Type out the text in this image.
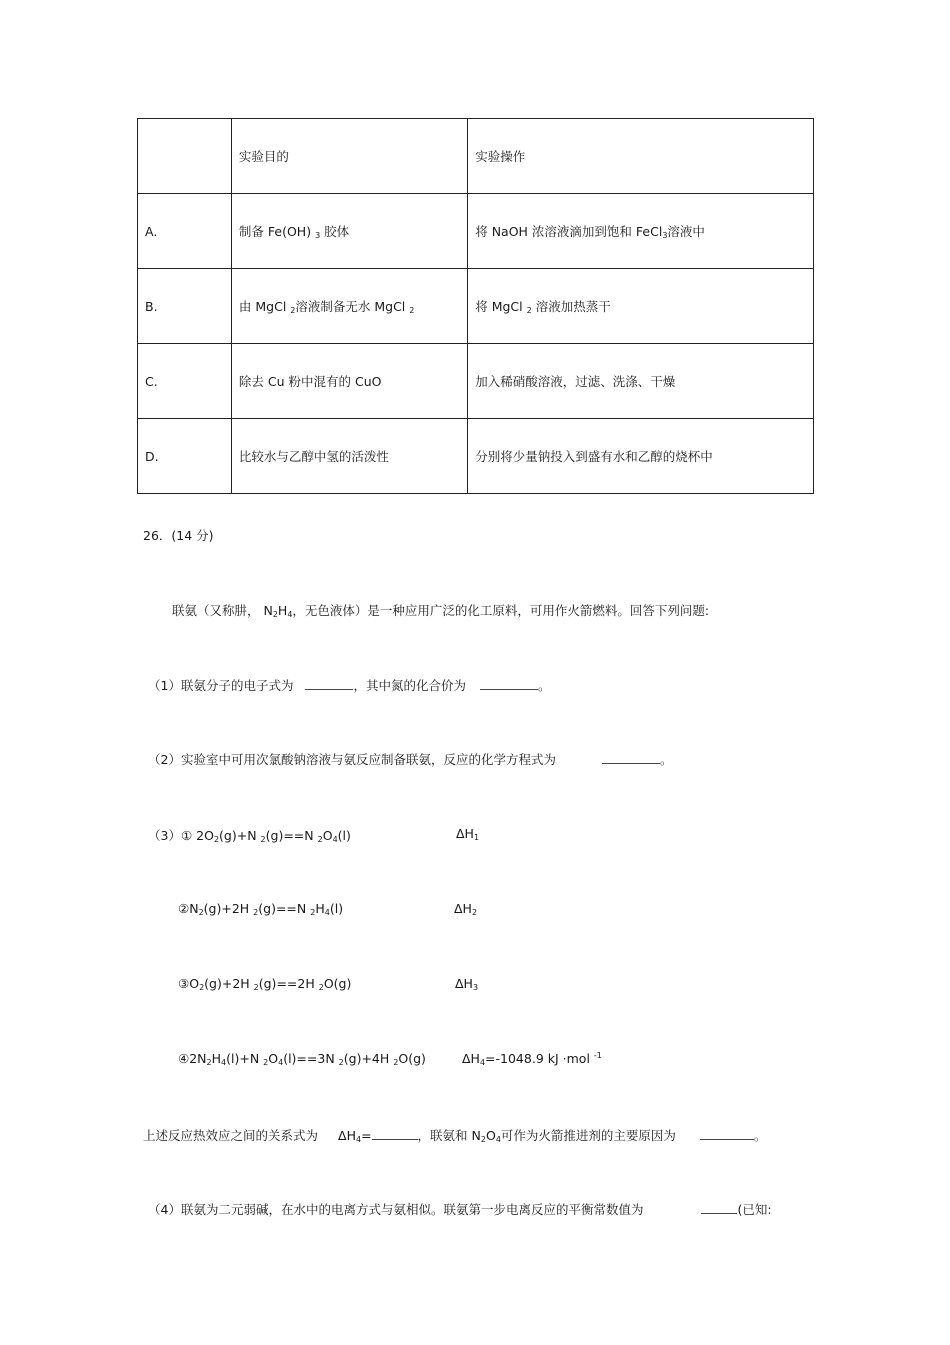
	实验目的	实验操作
A.	制备 Fe(OH) $_3$ 胶体	将 NaOH 浓溶液滴加到饱和 FeCl$_3$溶液中
B.	由 MgCl $_2$溶液制备无水 MgCl $_2$	将 MgCl $_2$ 溶液加热蒸干
C.	除去 Cu 粉中混有的 CuO	加入稀硝酸溶液，过滤、洗涤、干燥
D.	比较水与乙醇中氢的活泼性	分别将少量钠投入到盛有水和乙醇的烧杯中
26．(14 分)
联氨（又称肼， $N_2H_4$，无色液体）是一种应用广泛的化工原料，可用作火箭燃料。回答下列问题:
（1）联氨分子的电子式为	，其中氮的化合价为	。
（2）实验室中可用次氯酸钠溶液与氨反应制备联氨，反应的化学方程式为	。
（3）① $2O_2(g)+N$ $_2$(g)==N $_2O_4(l)$	$\Delta H_1$
$②N_2(g)+2H$ $_2$(g)==N $_2H_4(l)$	$\Delta H_2$
$③O_2(g)+2H$ $_2$(g)==2H $_2$O(g)	$\Delta H_3$
$④2N_2H_4(l)+N$ $_2O_4(l)==3N$ $_2$(g)+4H $_2$O(g)	$\Delta H_4=-1048.9$ kJ ·mol $^{-1}$
上述反应热效应之间的关系式为 $\Delta H_4=$	，联氨和 $N_2O_4$可作为火箭推进剂的主要原因为	。
（4）联氨为二元弱碱，在水中的电离方式与氨相似。联氨第一步电离反应的平衡常数值为	(已知:
